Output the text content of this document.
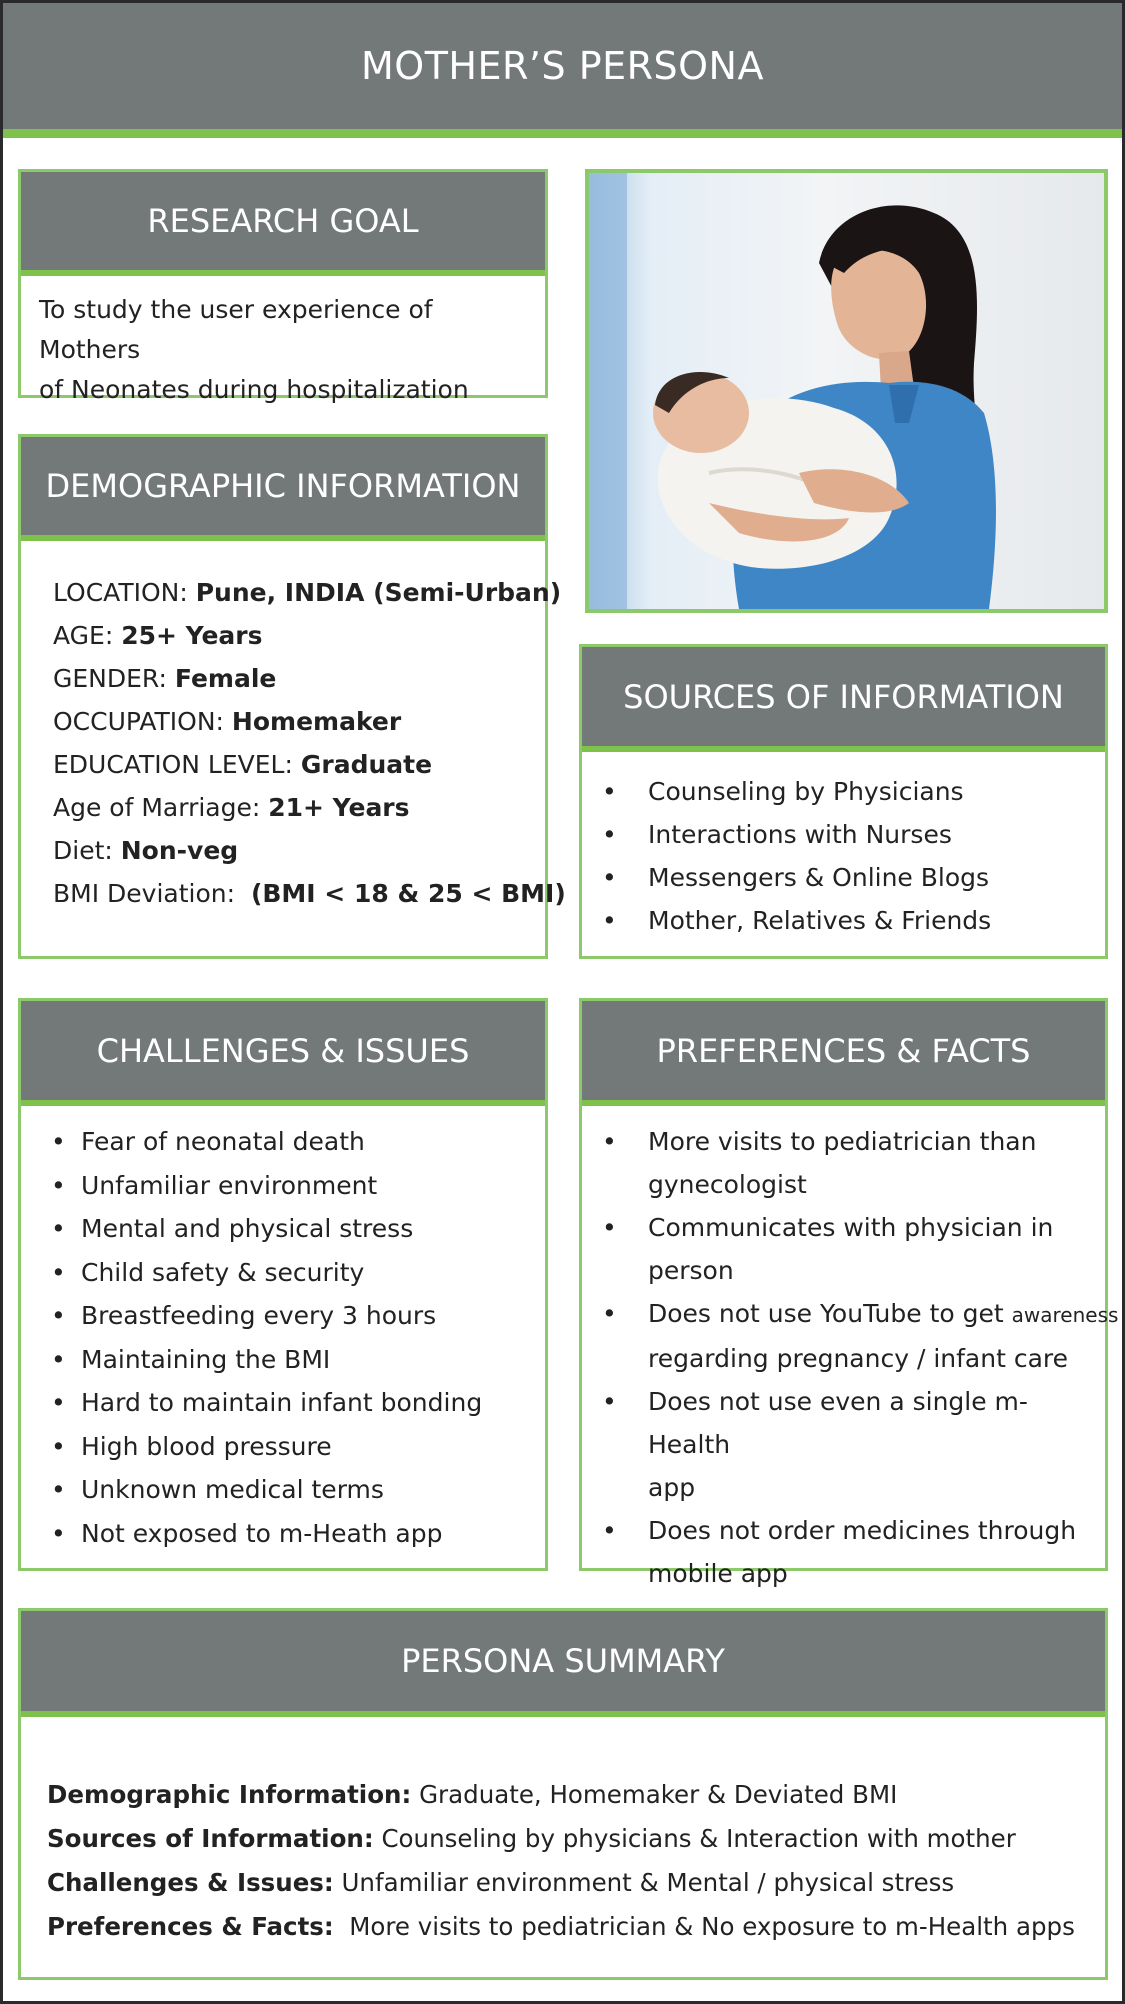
MOTHER’S PERSONA
RESEARCH GOAL
To study the user experience of Mothers
of Neonates during hospitalization
DEMOGRAPHIC INFORMATION

LOCATION: Pune, INDIA (Semi-Urban)

AGE: 25+ Years

GENDER: Female

OCCUPATION: Homemaker

EDUCATION LEVEL: Graduate

Age of Marriage: 21+ Years

Diet: Non-veg

BMI Deviation:  (BMI < 18 & 25 < BMI)

SOURCES OF INFORMATION
• Counseling by Physicians
• Interactions with Nurses
• Messengers & Online Blogs
• Mother, Relatives & Friends
CHALLENGES & ISSUES
• Fear of neonatal death
• Unfamiliar environment
• Mental and physical stress
• Child safety & security
• Breastfeeding every 3 hours
• Maintaining the BMI
• Hard to maintain infant bonding
• High blood pressure
• Unknown medical terms
• Not exposed to m-Heath app
PREFERENCES & FACTS
• More visits to pediatrician than
gynecologist
• Communicates with physician in
person
• Does not use YouTube to get awareness
regarding pregnancy / infant care
• Does not use even a single m-Health
app
• Does not order medicines through
mobile app
PERSONA SUMMARY

Demographic Information: Graduate, Homemaker & Deviated BMI

Sources of Information: Counseling by physicians & Interaction with mother

Challenges & Issues: Unfamiliar environment & Mental / physical stress

Preferences & Facts:  More visits to pediatrician & No exposure to m-Health apps
